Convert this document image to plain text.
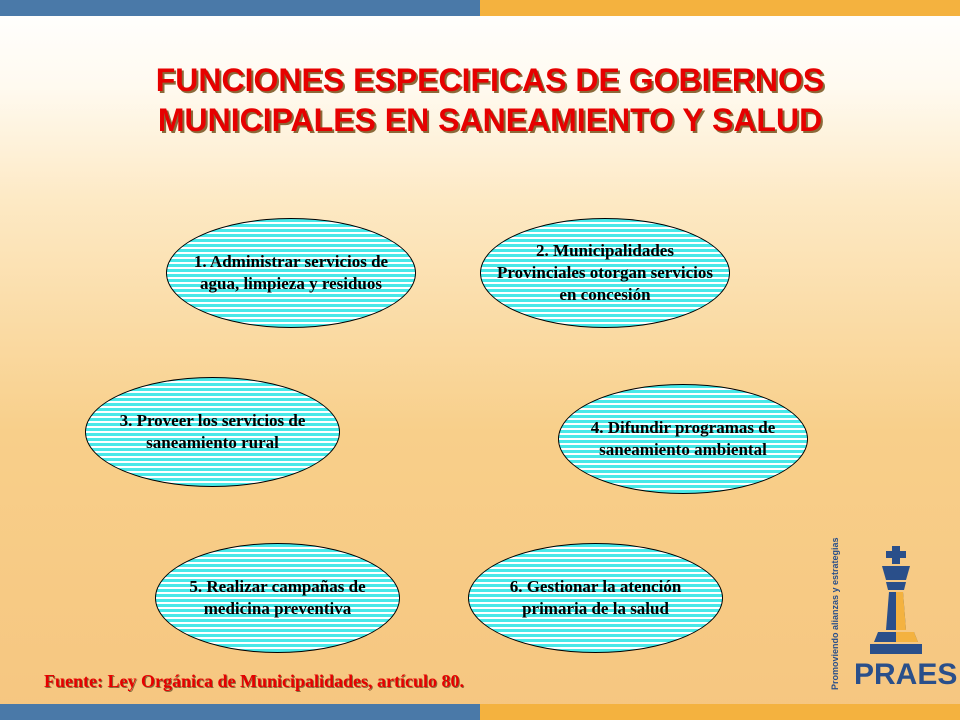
FUNCIONES ESPECIFICAS DE GOBIERNOS
MUNICIPALES EN SANEAMIENTO Y SALUD
1. Administrar servicios de agua, limpieza y residuos
2. Municipalidades Provinciales otorgan servicios en concesión
3. Proveer los servicios de saneamiento rural
4. Difundir programas de saneamiento ambiental
5. Realizar campañas de medicina preventiva
6. Gestionar la atención primaria de la salud
Fuente: Ley Orgánica de Municipalidades, artículo 80.	Promoviendo alianzas y estrategias PRAES
